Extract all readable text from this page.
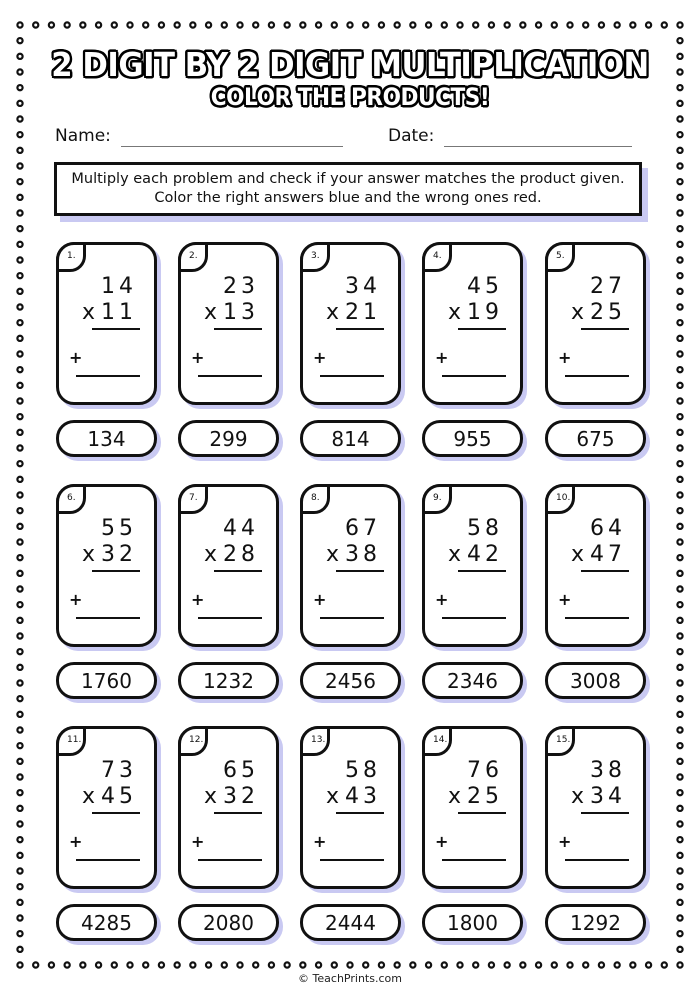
2 DIGIT BY 2 DIGIT MULTIPLICATION
COLOR THE PRODUCTS!
Name:	Date:
Multiply each problem and check if your answer matches the product given. Color the right answers blue and the wrong ones red.
1.
14
x11
+
134
2.
23
x13
+
299
3.
34
x21
+
814
4.
45
x19
+
955
5.
27
x25
+
675
6.
55
x32
+
1760
7.
44
x28
+
1232
8.
67
x38
+
2456
9.
58
x42
+
2346
10.
64
x47
+
3008
11.
73
x45
+
4285
12.
65
x32
+
2080
13.
58
x43
+
2444
14.
76
x25
+
1800
15.
38
x34
+
1292
© TeachPrints.com
